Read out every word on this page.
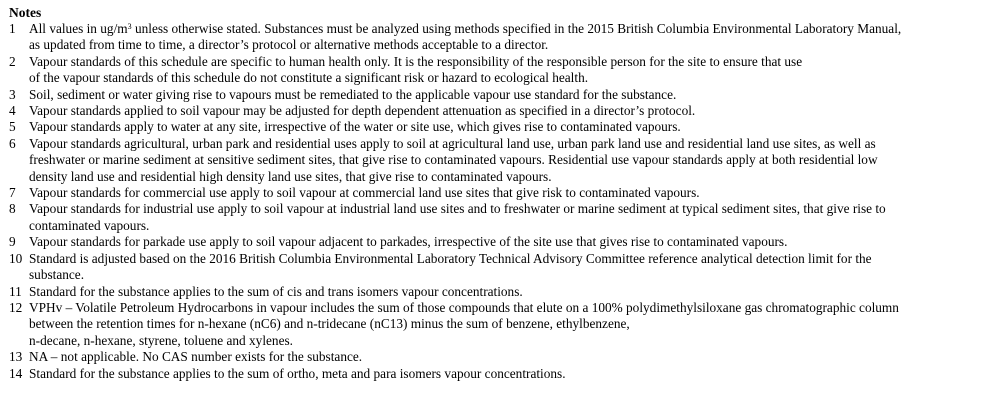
Notes
1	All values in $ug/m^3$ unless otherwise stated. Substances must be analyzed using methods specified in the 2015 British Columbia Environmental Laboratory Manual,
as updated from time to time, a director’s protocol or alternative methods acceptable to a director.
2	Vapour standards of this schedule are specific to human health only. It is the responsibility of the responsible person for the site to ensure that use
of the vapour standards of this schedule do not constitute a significant risk or hazard to ecological health.
3	Soil, sediment or water giving rise to vapours must be remediated to the applicable vapour use standard for the substance.
4	Vapour standards applied to soil vapour may be adjusted for depth dependent attenuation as specified in a director’s protocol.
5	Vapour standards apply to water at any site, irrespective of the water or site use, which gives rise to contaminated vapours.
6	Vapour standards agricultural, urban park and residential uses apply to soil at agricultural land use, urban park land use and residential land use sites, as well as
freshwater or marine sediment at sensitive sediment sites, that give rise to contaminated vapours. Residential use vapour standards apply at both residential low
density land use and residential high density land use sites, that give rise to contaminated vapours.
7	Vapour standards for commercial use apply to soil vapour at commercial land use sites that give risk to contaminated vapours.
8	Vapour standards for industrial use apply to soil vapour at industrial land use sites and to freshwater or marine sediment at typical sediment sites, that give rise to
contaminated vapours.
9	Vapour standards for parkade use apply to soil vapour adjacent to parkades, irrespective of the site use that gives rise to contaminated vapours.
10 Standard is adjusted based on the 2016 British Columbia Environmental Laboratory Technical Advisory Committee reference analytical detection limit for the
substance.
11 Standard for the substance applies to the sum of cis and trans isomers vapour concentrations.
12 VPHv – Volatile Petroleum Hydrocarbons in vapour includes the sum of those compounds that elute on a 100% polydimethylsiloxane gas chromatographic column
between the retention times for n-hexane (nC6) and n-tridecane (nC13) minus the sum of benzene, ethylbenzene,
n-decane, n-hexane, styrene, toluene and xylenes.
13 NA – not applicable. No CAS number exists for the substance.
14 Standard for the substance applies to the sum of ortho, meta and para isomers vapour concentrations.
